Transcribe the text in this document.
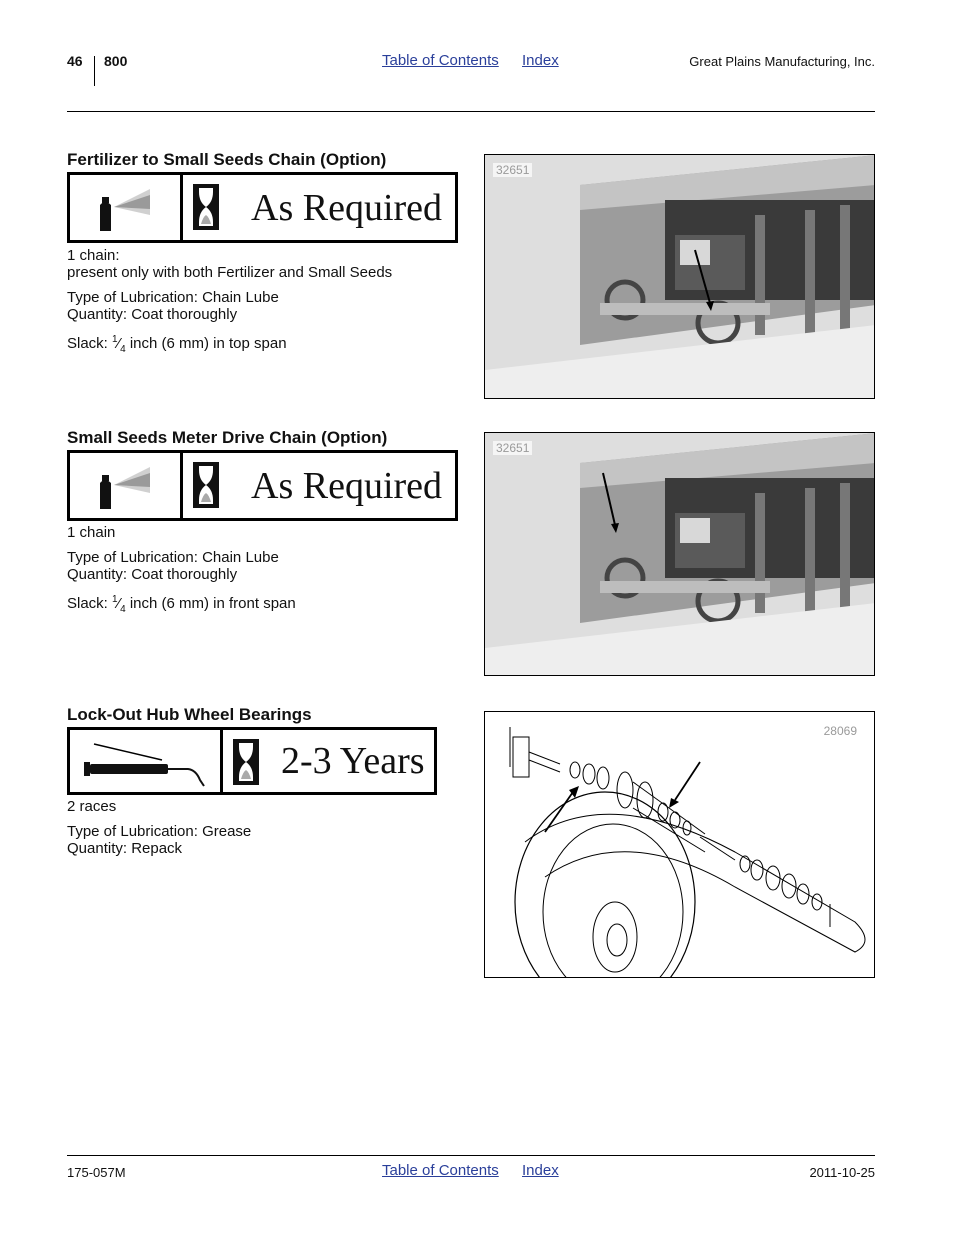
46 800	Table of Contents Index	Great Plains Manufacturing, Inc.
Fertilizer to Small Seeds Chain (Option)
As Required

1 chain:
present only with both Fertilizer and Small Seeds

Type of Lubrication: Chain Lube
Quantity: Coat thoroughly

Slack: $^1⁄_4$ inch (6 mm) in top span

32651
Small Seeds Meter Drive Chain (Option)
As Required

1 chain

Type of Lubrication: Chain Lube
Quantity: Coat thoroughly

Slack: $^1⁄_4$ inch (6 mm) in front span

32651
Lock-Out Hub Wheel Bearings
2-3 Years

2 races

Type of Lubrication: Grease
Quantity: Repack

28069
175-057M	Table of Contents Index	2011-10-25
